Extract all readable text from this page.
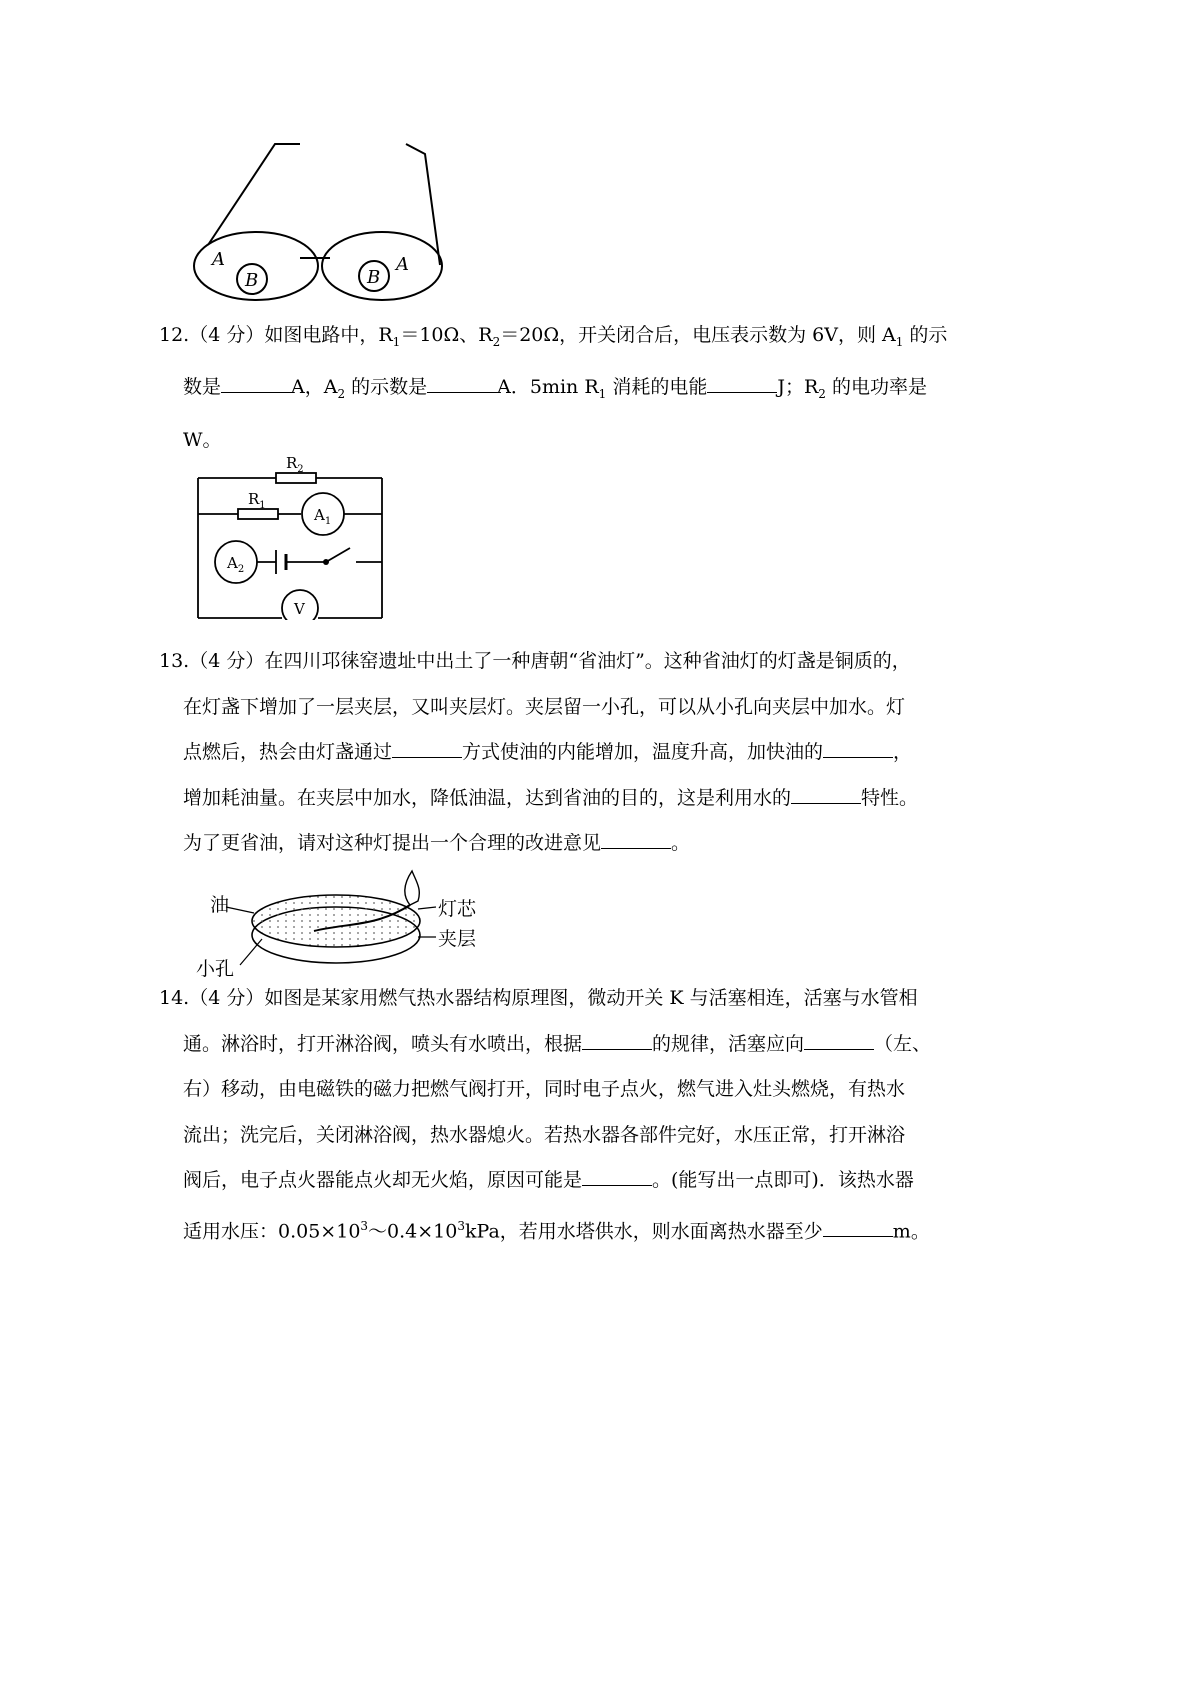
A
B	B
A

12.（4 分）如图电路中，$R_1=10\Omega$、$R_2=20\Omega$，开关闭合后，电压表示数为 6V，则 $A_1$ 的示
数是	A，$A_2$ 的示数是	A．5min $R_1$ 消耗的电能	J；$R_2$ 的电功率是
W。

$R_2$
$R_1$
$A_1$
$A_2$
V

13.（4 分）在四川邛徕窑遗址中出土了一种唐朝“省油灯”。这种省油灯的灯盏是铜质的，
在灯盏下增加了一层夹层，又叫夹层灯。夹层留一小孔，可以从小孔向夹层中加水。灯
点燃后，热会由灯盏通过	方式使油的内能增加，温度升高，加快油的	，
增加耗油量。在夹层中加水，降低油温，达到省油的目的，这是利用水的	特性。
为了更省油，请对这种灯提出一个合理的改进意见	。

油	灯芯
夹层
小孔

14.（4 分）如图是某家用燃气热水器结构原理图，微动开关 K 与活塞相连，活塞与水管相
通。淋浴时，打开淋浴阀，喷头有水喷出，根据	的规律，活塞应向	（左、
右）移动，由电磁铁的磁力把燃气阀打开，同时电子点火，燃气进入灶头燃烧，有热水
流出；洗完后，关闭淋浴阀，热水器熄火。若热水器各部件完好，水压正常，打开淋浴
阀后，电子点火器能点火却无火焰，原因可能是	。(能写出一点即可)．该热水器
适用水压：$0.05\times 10^3\sim 0.4\times 10^3kPa$，若用水塔供水，则水面离热水器至少	m。
